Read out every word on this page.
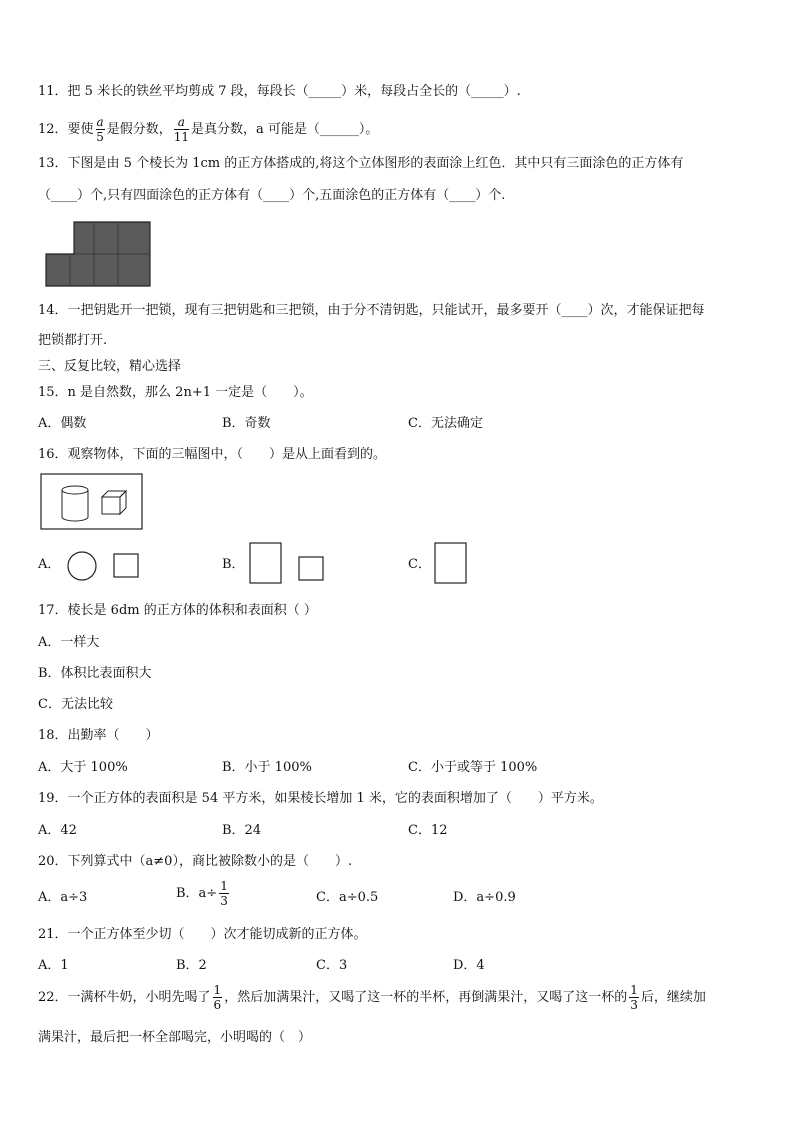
11．把 5 米长的铁丝平均剪成 7 段，每段长（_____）米，每段占全长的（_____）.
12．要使 $\frac{a}{5}$ 是假分数， $\frac{a}{11}$ 是真分数，a 可能是（______）。
13．下图是由 5 个棱长为 1cm 的正方体搭成的,将这个立体图形的表面涂上红色．其中只有三面涂色的正方体有
（____）个,只有四面涂色的正方体有（____）个,五面涂色的正方体有（____）个.
14．一把钥匙开一把锁，现有三把钥匙和三把锁，由于分不清钥匙，只能试开，最多要开（____）次，才能保证把每
把锁都打开.
三、反复比较，精心选择
15．n 是自然数，那么 2n+1 一定是（　　）。
A．偶数	B．奇数	C．无法确定
16．观察物体，下面的三幅图中，（　　）是从上面看到的。
A．	B．	C．
17．棱长是 6dm 的正方体的体积和表面积（ ）
A．一样大
B．体积比表面积大
C．无法比较
18．出勤率（　　）
A．大于 100%	B．小于 100%	C．小于或等于 100%
19．一个正方体的表面积是 54 平方米，如果棱长增加 1 米，它的表面积增加了（　　）平方米。
A．42	B．24	C．12
20．下列算式中（a≠0），商比被除数小的是（　　）.
A．a÷3	B．$a\div \frac{1}{3}$	C．a÷0.5	D．a÷0.9
21．一个正方体至少切（　　）次才能切成新的正方体。
A．1	B．2	C．3	D．4
22．一满杯牛奶，小明先喝了 $\frac{1}{6}$ ，然后加满果汁，又喝了这一杯的半杯，再倒满果汁，又喝了这一杯的 $\frac{1}{3}$ 后，继续加
满果汁，最后把一杯全部喝完，小明喝的（　）
